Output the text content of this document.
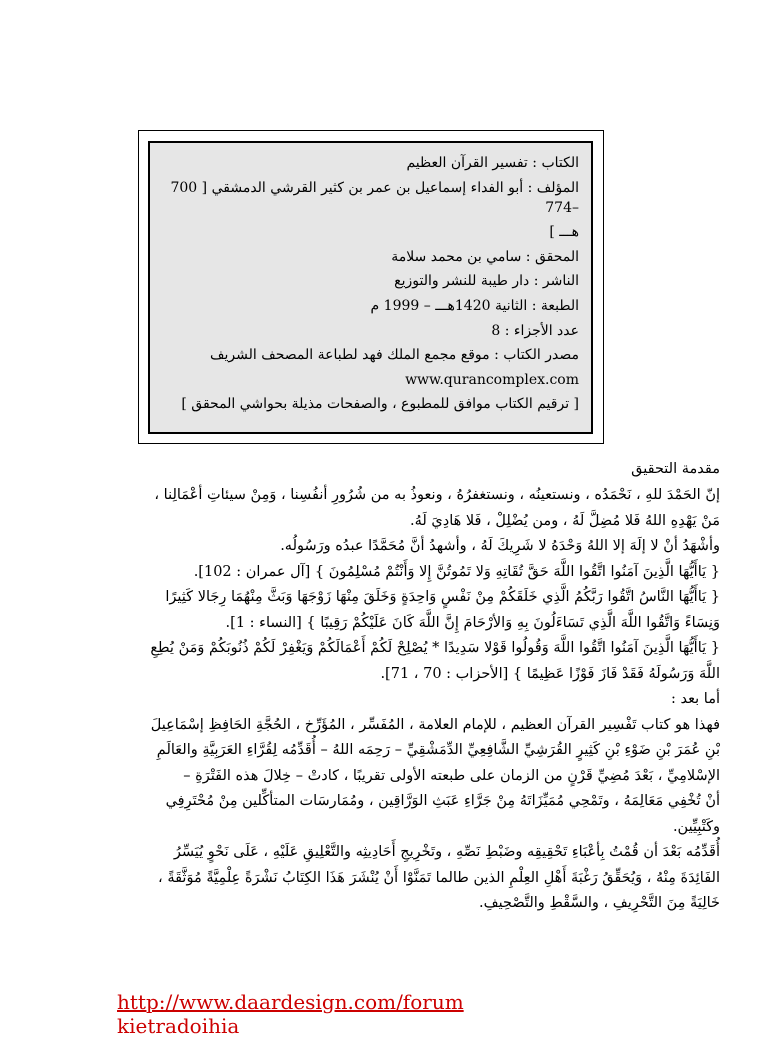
الكتاب : تفسير القرآن العظيم
المؤلف : أبو الفداء إسماعيل بن عمر بن كثير القرشي الدمشقي [ 700 –774
هـــ ]
المحقق : سامي بن محمد سلامة
الناشر : دار طيبة للنشر والتوزيع
الطبعة : الثانية 1420هـــ – 1999 م
عدد الأجزاء : 8
مصدر الكتاب : موقع مجمع الملك فهد لطباعة المصحف الشريف
www.qurancomplex.com
[ ترقيم الكتاب موافق للمطبوع ، والصفحات مذيلة بحواشي المحقق ]
مقدمة التحقيق
إنّ الحَمْدَ للهِ ، نَحْمَدُه ، ونستعينُه ، ونستغفرُهُ ، ونعوذُ به من شُرُورِ أنفُسِنا ، وَمِنْ سيئاتِ أعْمَالِنا ،
مَنْ يَهْدِهِ اللهُ فَلا مُضِلَّ لَهُ ، ومن يُضْلِلْ ، فَلا هَادِيَ لَهُ.
وأشْهَدُ أنْ لا إلَهَ إلا اللهُ وَحْدَهُ لا شَرِيكَ لَهُ ، وأشهدُ أنَّ مُحَمَّدًا عبدُه ورَسُولُه.
{ يَاأَيُّهَا الَّذِينَ آمَنُوا اتَّقُوا اللَّهَ حَقَّ تُقَاتِهِ وَلا تَمُوتُنَّ إِلا وَأَنْتُمْ مُسْلِمُونَ } [آل عمران : 102].
{ يَاأَيُّهَا النَّاسُ اتَّقُوا رَبَّكُمُ الَّذِي خَلَقَكُمْ مِنْ نَفْسٍ وَاحِدَةٍ وَخَلَقَ مِنْهَا زَوْجَهَا وَبَثَّ مِنْهُمَا رِجَالا كَثِيرًا
وَنِسَاءً وَاتَّقُوا اللَّهَ الَّذِي تَسَاءَلُونَ بِهِ وَالأرْحَامَ إِنَّ اللَّهَ كَانَ عَلَيْكُمْ رَقِيبًا } [النساء : 1].
{ يَاأَيُّهَا الَّذِينَ آمَنُوا اتَّقُوا اللَّهَ وَقُولُوا قَوْلا سَدِيدًا * يُصْلِحْ لَكُمْ أَعْمَالَكُمْ وَيَغْفِرْ لَكُمْ ذُنُوبَكُمْ وَمَنْ يُطِعِ
اللَّهَ وَرَسُولَهُ فَقَدْ فَازَ فَوْزًا عَظِيمًا } [الأحزاب : 70 ، 71].
أما بعد :
فهذا هو كتاب تَفْسِير القرآن العظيم ، للإمام العلامة ، المُفَسِّر ، المُؤَرِّخ ، الحُجَّةِ الحَافِظِ إسْمَاعِيلَ
بْنِ عُمَرَ بْنِ ضَوْءِ بْنِ كَثِيرٍ القُرَشِيِّ الشَّافِعِيِّ الدِّمَشْقِيِّ – رَحِمَه اللهُ – أُقَدِّمُه لِقُرَّاءِ العَرَبِيَّةِ والعَالَمِ
الإسْلامِيِّ ، بَعْدَ مُضِيِّ قَرْنٍ من الزمان على طبعته الأولى تقريبًا ، كادتْ – خِلالَ هذه الفَتْرَةِ –
أنْ تُخْفِي مَعَالِمَهُ ، وتَمْحِي مُمَيِّزَاتَهُ مِنْ جَرَّاءِ عَبَثِ الوَرَّاقِين ، ومُمَارسَات المتأكِّلين مِنْ مُحْتَرِفِي
وكَتْبِيِّين.
أُقَدِّمُه بَعْدَ أن قُمْتُ بِأعْبَاءِ تَحْقِيقِه وضَبْطِ نَصِّهِ ، وتَخْرِيجِ أَحَادِيثِه والتَّعْلِيقِ عَلَيْهِ ، عَلَى نَحْوٍ يُيَسِّرُ
الفَائِدَةَ مِنْهُ ، وَيُحَقِّقُ رَغْبَةَ أَهْلِ العِلْمِ الذين طالما تَمَنَّوْا أَنْ يُنْشَرَ هَذَا الكِتَابُ نَشْرَةً عِلْمِيَّةً مُوَثَّقَةً ،
خَالِيَةً مِنَ التَّحْرِيفِ ، والسَّقْطِ والتَّصْحِيفِ.
http://www.daardesign.com/forum
kietradoihia
